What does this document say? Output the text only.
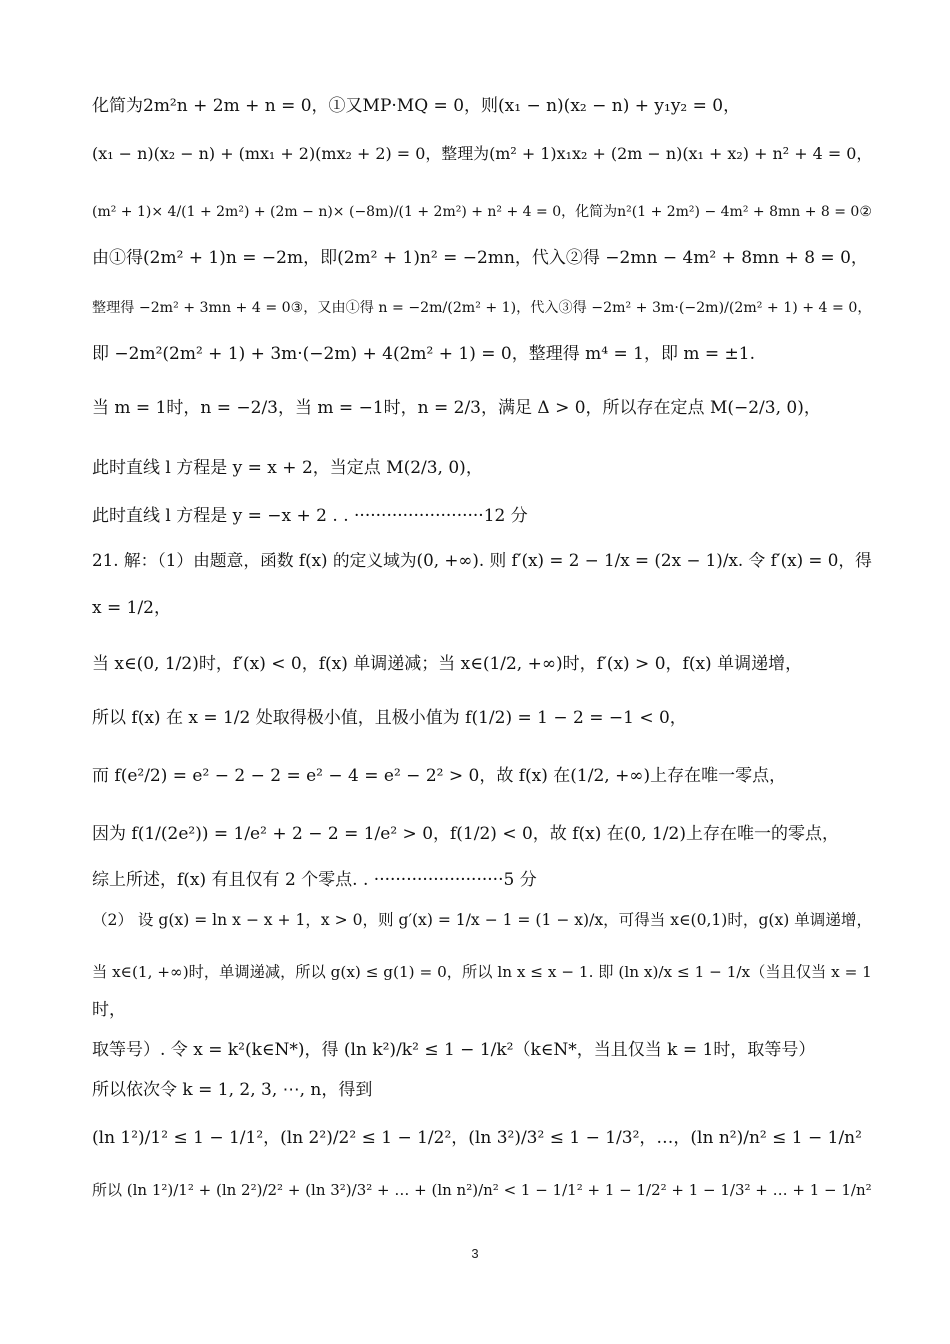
化简为2m²n + 2m + n = 0，①又MP·MQ = 0，则(x₁ − n)(x₂ − n) + y₁y₂ = 0，
(x₁ − n)(x₂ − n) + (mx₁ + 2)(mx₂ + 2) = 0，整理为(m² + 1)x₁x₂ + (2m − n)(x₁ + x₂) + n² + 4 = 0，
(m² + 1)× 4/(1 + 2m²) + (2m − n)× (−8m)/(1 + 2m²) + n² + 4 = 0，化简为n²(1 + 2m²) − 4m² + 8mn + 8 = 0②
由①得(2m² + 1)n = −2m，即(2m² + 1)n² = −2mn，代入②得 −2mn − 4m² + 8mn + 8 = 0，
整理得 −2m² + 3mn + 4 = 0③，又由①得 n = −2m/(2m² + 1)，代入③得 −2m² + 3m·(−2m)/(2m² + 1) + 4 = 0，
即 −2m²(2m² + 1) + 3m·(−2m) + 4(2m² + 1) = 0，整理得 m⁴ = 1，即 m = ±1.
当 m = 1时，n = −2/3，当 m = −1时，n = 2/3，满足 Δ > 0，所以存在定点 M(−2/3, 0)，
此时直线 l 方程是 y = x + 2，当定点 M(2/3, 0)，
此时直线 l 方程是 y = −x + 2 . . ························12 分
21. 解：（1）由题意，函数 f(x) 的定义域为(0, +∞). 则 f′(x) = 2 − 1/x = (2x − 1)/x. 令 f′(x) = 0，得
x = 1/2，
当 x∈(0, 1/2)时，f′(x) < 0，f(x) 单调递减；当 x∈(1/2, +∞)时，f′(x) > 0，f(x) 单调递增，
所以 f(x) 在 x = 1/2 处取得极小值，且极小值为 f(1/2) = 1 − 2 = −1 < 0，
而 f(e²/2) = e² − 2 − 2 = e² − 4 = e² − 2² > 0，故 f(x) 在(1/2, +∞)上存在唯一零点，
因为 f(1/(2e²)) = 1/e² + 2 − 2 = 1/e² > 0，f(1/2) < 0，故 f(x) 在(0, 1/2)上存在唯一的零点，
综上所述，f(x) 有且仅有 2 个零点. . ························5 分
（2） 设 g(x) = ln x − x + 1，x > 0，则 g′(x) = 1/x − 1 = (1 − x)/x，可得当 x∈(0,1)时，g(x) 单调递增，
当 x∈(1, +∞)时，单调递减，所以 g(x) ≤ g(1) = 0，所以 ln x ≤ x − 1. 即 (ln x)/x ≤ 1 − 1/x（当且仅当 x = 1
时，
取等号）. 令 x = k²(k∈N*)，得 (ln k²)/k² ≤ 1 − 1/k²（k∈N*，当且仅当 k = 1时，取等号）
所以依次令 k = 1, 2, 3, ⋯, n，得到
(ln 1²)/1² ≤ 1 − 1/1²，(ln 2²)/2² ≤ 1 − 1/2²，(ln 3²)/3² ≤ 1 − 1/3²，…，(ln n²)/n² ≤ 1 − 1/n²
所以 (ln 1²)/1² + (ln 2²)/2² + (ln 3²)/3² + … + (ln n²)/n² < 1 − 1/1² + 1 − 1/2² + 1 − 1/3² + … + 1 − 1/n²
3
